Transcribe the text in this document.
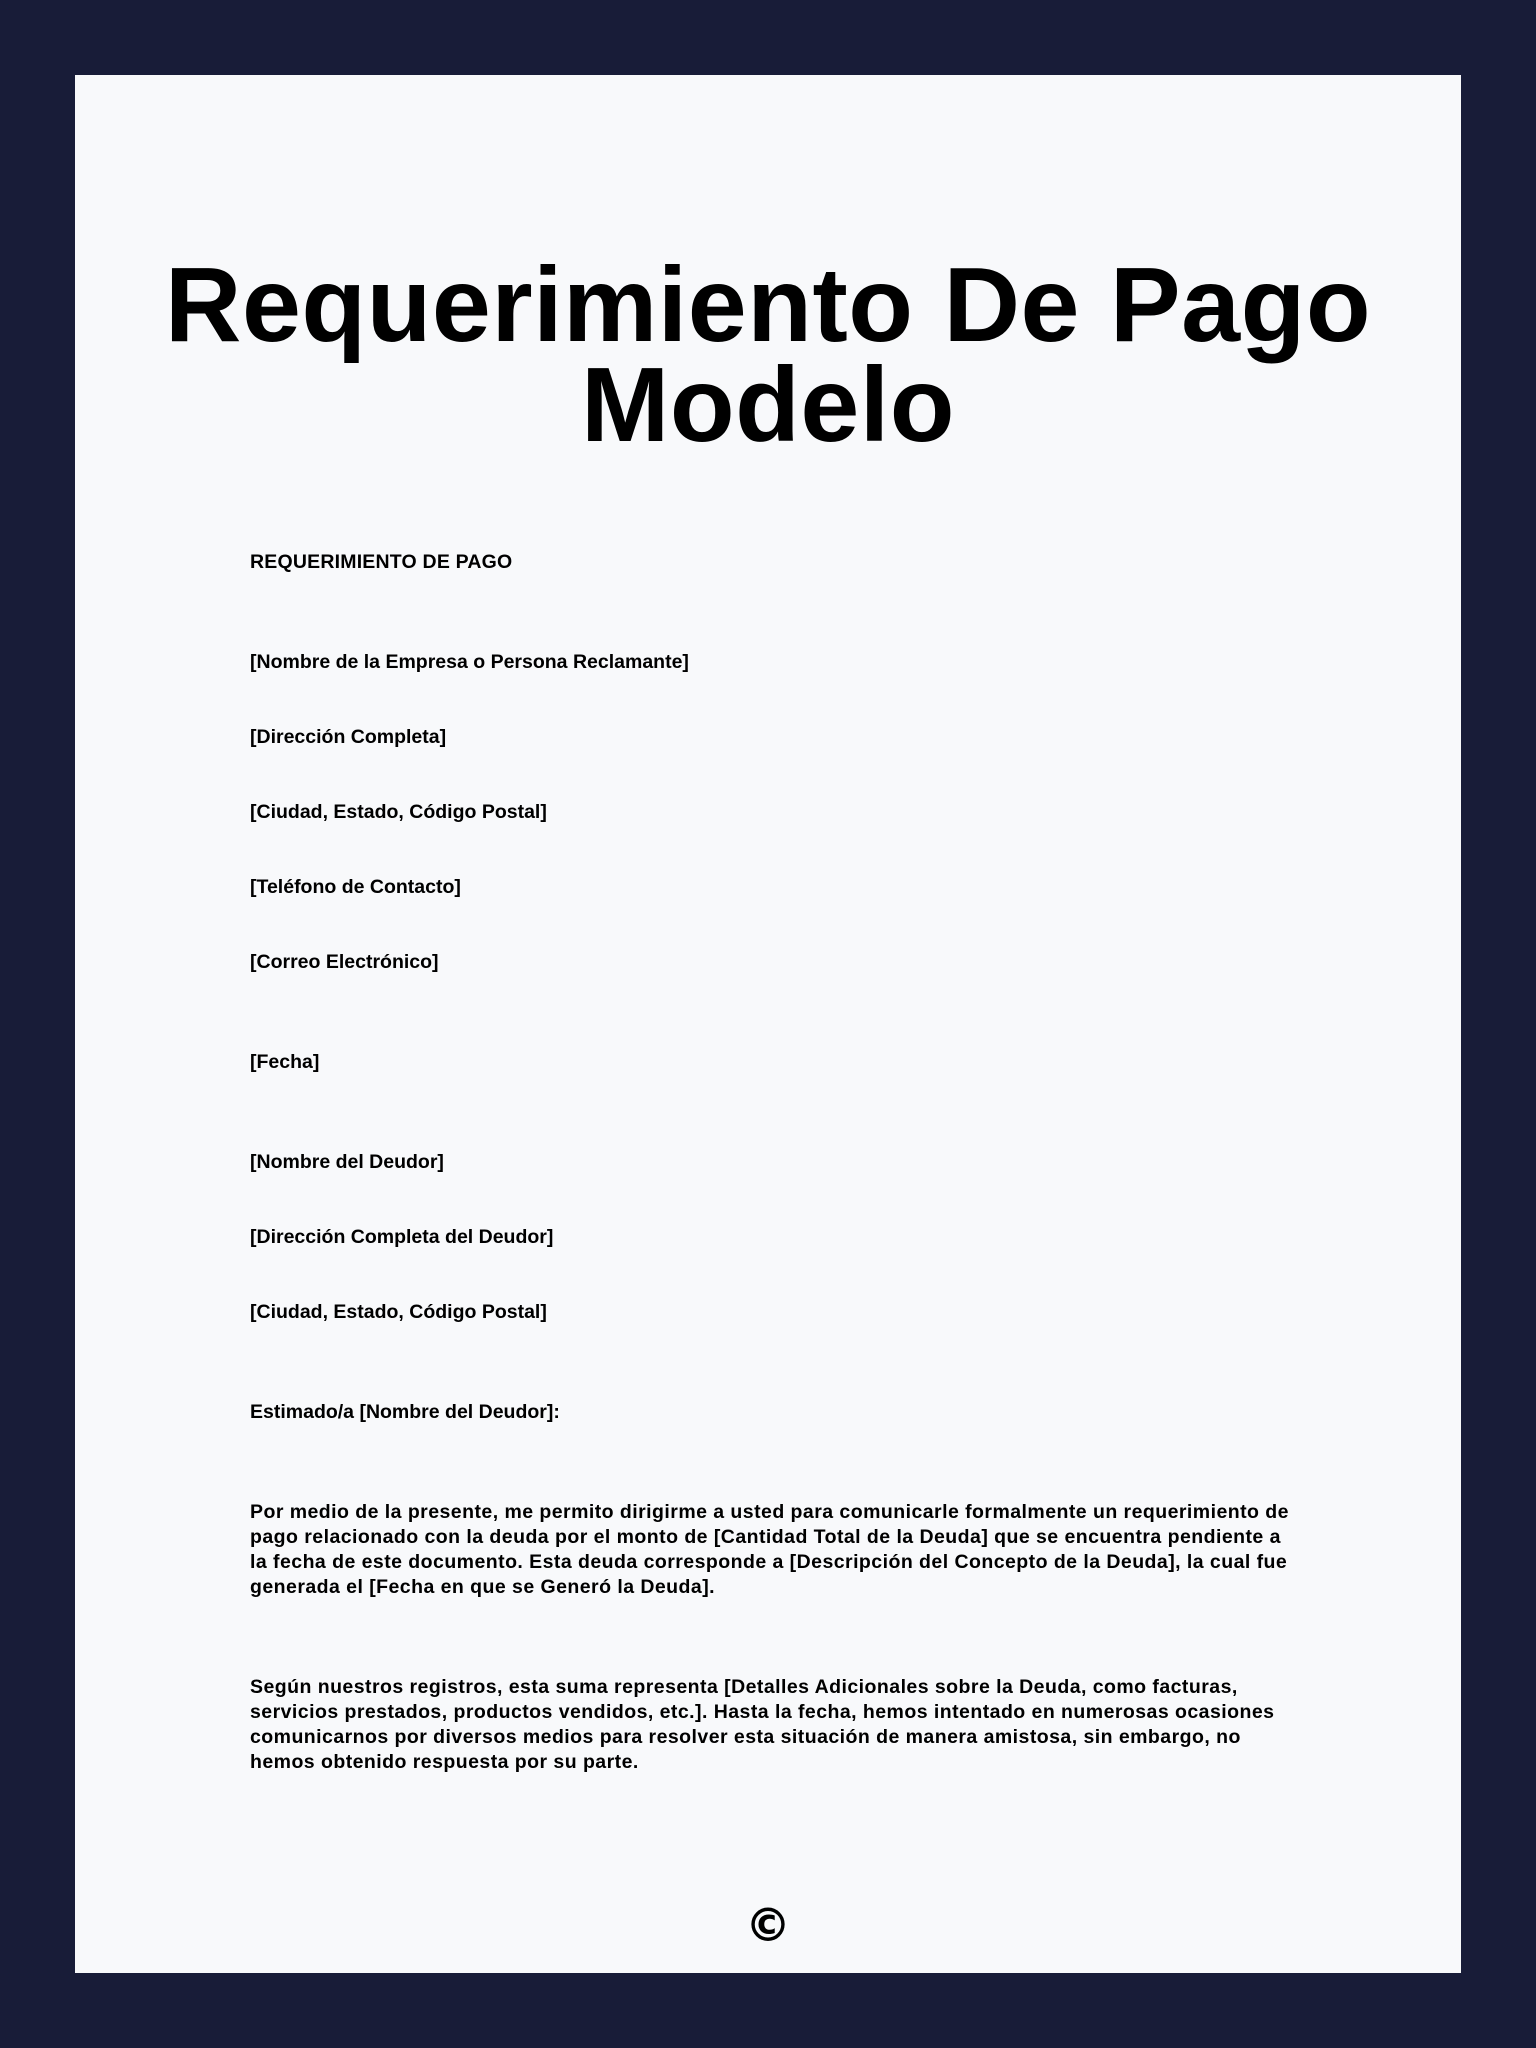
Requerimiento De Pago Modelo

REQUERIMIENTO DE PAGO

[Nombre de la Empresa o Persona Reclamante]

[Dirección Completa]

[Ciudad, Estado, Código Postal]

[Teléfono de Contacto]

[Correo Electrónico]

[Fecha]

[Nombre del Deudor]

[Dirección Completa del Deudor]

[Ciudad, Estado, Código Postal]

Estimado/a [Nombre del Deudor]:

Por medio de la presente, me permito dirigirme a usted para comunicarle formalmente un requerimiento de pago relacionado con la deuda por el monto de [Cantidad Total de la Deuda] que se encuentra pendiente a la fecha de este documento. Esta deuda corresponde a [Descripción del Concepto de la Deuda], la cual fue generada el [Fecha en que se Generó la Deuda].

Según nuestros registros, esta suma representa [Detalles Adicionales sobre la Deuda, como facturas, servicios prestados, productos vendidos, etc.]. Hasta la fecha, hemos intentado en numerosas ocasiones comunicarnos por diversos medios para resolver esta situación de manera amistosa, sin embargo, no hemos obtenido respuesta por su parte.

©
